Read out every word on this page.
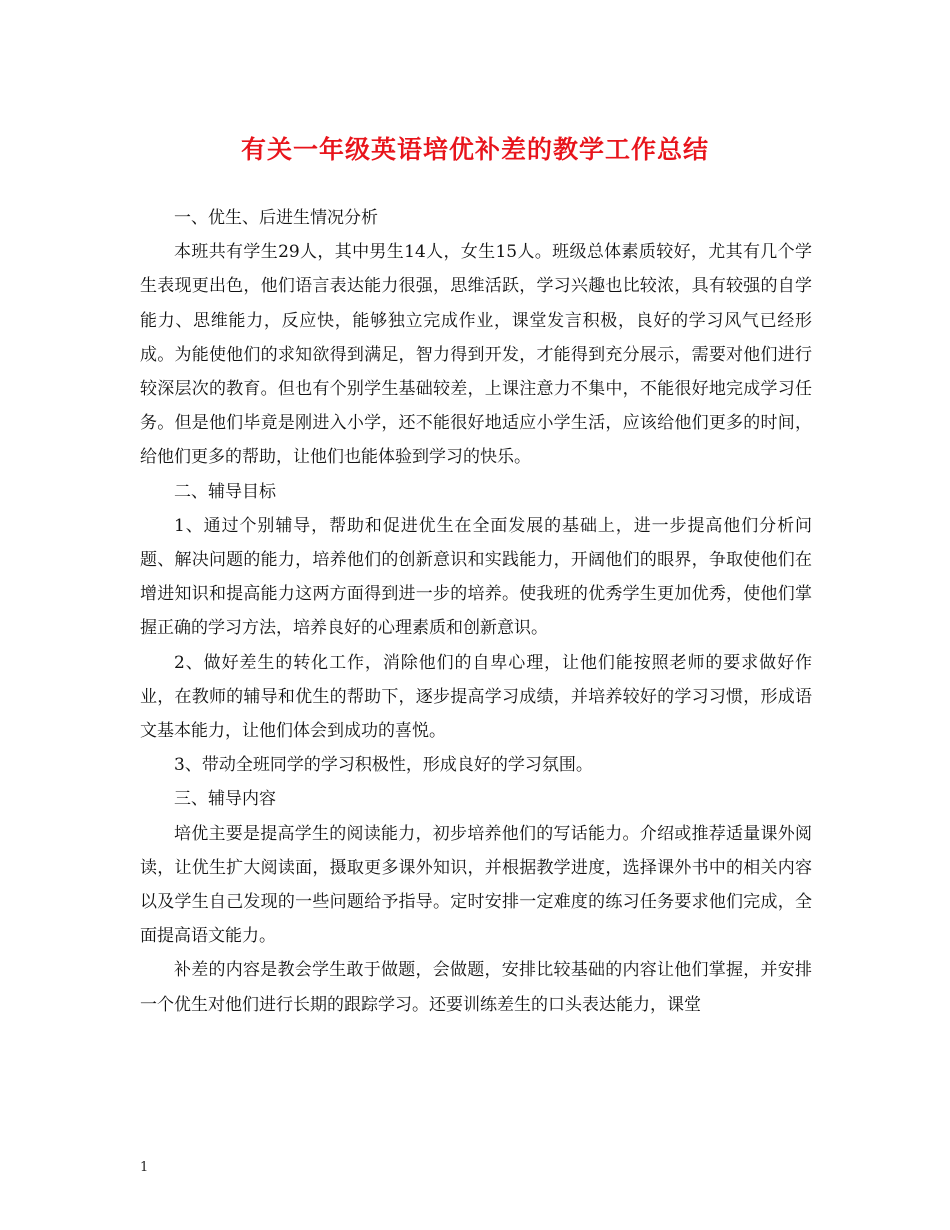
有关一年级英语培优补差的教学工作总结

一、优生、后进生情况分析

本班共有学生29人，其中男生14人，女生15人。班级总体素质较好，尤其有几个学生表现更出色，他们语言表达能力很强，思维活跃，学习兴趣也比较浓，具有较强的自学能力、思维能力，反应快，能够独立完成作业，课堂发言积极，良好的学习风气已经形成。为能使他们的求知欲得到满足，智力得到开发，才能得到充分展示，需要对他们进行较深层次的教育。但也有个别学生基础较差，上课注意力不集中，不能很好地完成学习任务。但是他们毕竟是刚进入小学，还不能很好地适应小学生活，应该给他们更多的时间，给他们更多的帮助，让他们也能体验到学习的快乐。

二、辅导目标

1、通过个别辅导，帮助和促进优生在全面发展的基础上，进一步提高他们分析问题、解决问题的能力，培养他们的创新意识和实践能力，开阔他们的眼界，争取使他们在增进知识和提高能力这两方面得到进一步的培养。使我班的优秀学生更加优秀，使他们掌握正确的学习方法，培养良好的心理素质和创新意识。

2、做好差生的转化工作，消除他们的自卑心理，让他们能按照老师的要求做好作业，在教师的辅导和优生的帮助下，逐步提高学习成绩，并培养较好的学习习惯，形成语文基本能力，让他们体会到成功的喜悦。

3、带动全班同学的学习积极性，形成良好的学习氛围。

三、辅导内容

培优主要是提高学生的阅读能力，初步培养他们的写话能力。介绍或推荐适量课外阅读，让优生扩大阅读面，摄取更多课外知识，并根据教学进度，选择课外书中的相关内容以及学生自己发现的一些问题给予指导。定时安排一定难度的练习任务要求他们完成，全面提高语文能力。

补差的内容是教会学生敢于做题，会做题，安排比较基础的内容让他们掌握，并安排一个优生对他们进行长期的跟踪学习。还要训练差生的口头表达能力，课堂

1
